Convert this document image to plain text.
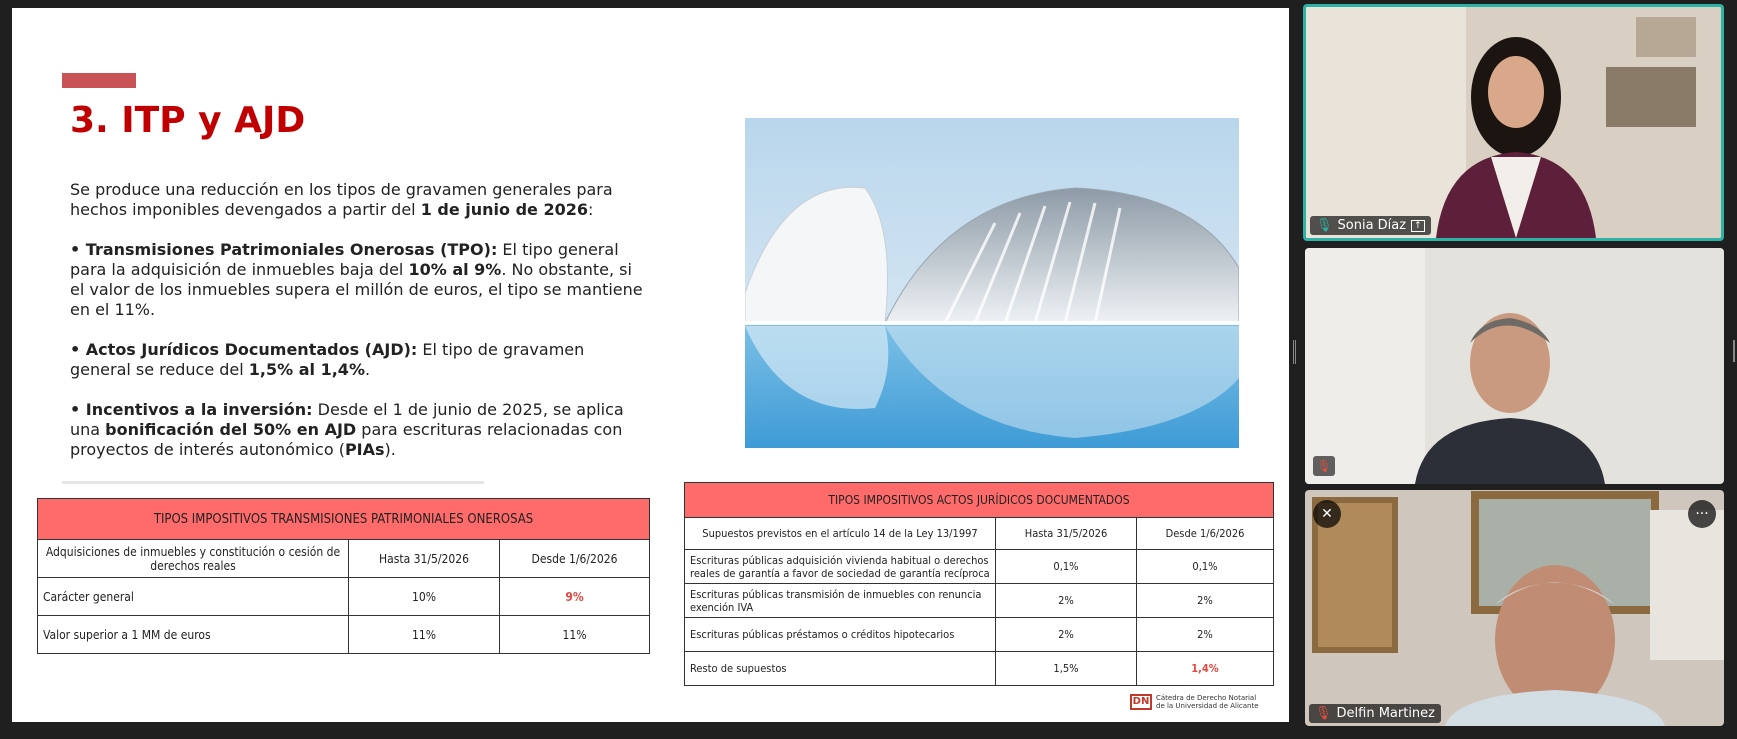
3. ITP y AJD

Se produce una reducción en los tipos de gravamen generales para hechos imponibles devengados a partir del 1 de junio de 2026:

• Transmisiones Patrimoniales Onerosas (TPO): El tipo general para la adquisición de inmuebles baja del 10% al 9%. No obstante, si el valor de los inmuebles supera el millón de euros, el tipo se mantiene en el 11%.

• Actos Jurídicos Documentados (AJD): El tipo de gravamen general se reduce del 1,5% al 1,4%.

• Incentivos a la inversión: Desde el 1 de junio de 2025, se aplica una bonificación del 50% en AJD para escrituras relacionadas con proyectos de interés autonómico (PIAs).

TIPOS IMPOSITIVOS TRANSMISIONES PATRIMONIALES ONEROSAS		
Adquisiciones de inmuebles y constitución o cesión de derechos reales	Hasta 31/5/2026	Desde 1/6/2026
Carácter general	10%	9%
Valor superior a 1 MM de euros	11%	11%
TIPOS IMPOSITIVOS ACTOS JURÍDICOS DOCUMENTADOS		
Supuestos previstos en el artículo 14 de la Ley 13/1997	Hasta 31/5/2026	Desde 1/6/2026
Escrituras públicas adquisición vivienda habitual o derechos reales de garantía a favor de sociedad de garantía recíproca	0,1%	0,1%
Escrituras públicas transmisión de inmuebles con renuncia exención IVA	2%	2%
Escrituras públicas préstamos o créditos hipotecarios	2%	2%
Resto de supuestos	1,5%	1,4%
DN Cátedra de Derecho Notarial
de la Universidad de Alicante
🎙 Sonia Díaz ↑
🎙
✕	···
🎙 Delfin Martinez
